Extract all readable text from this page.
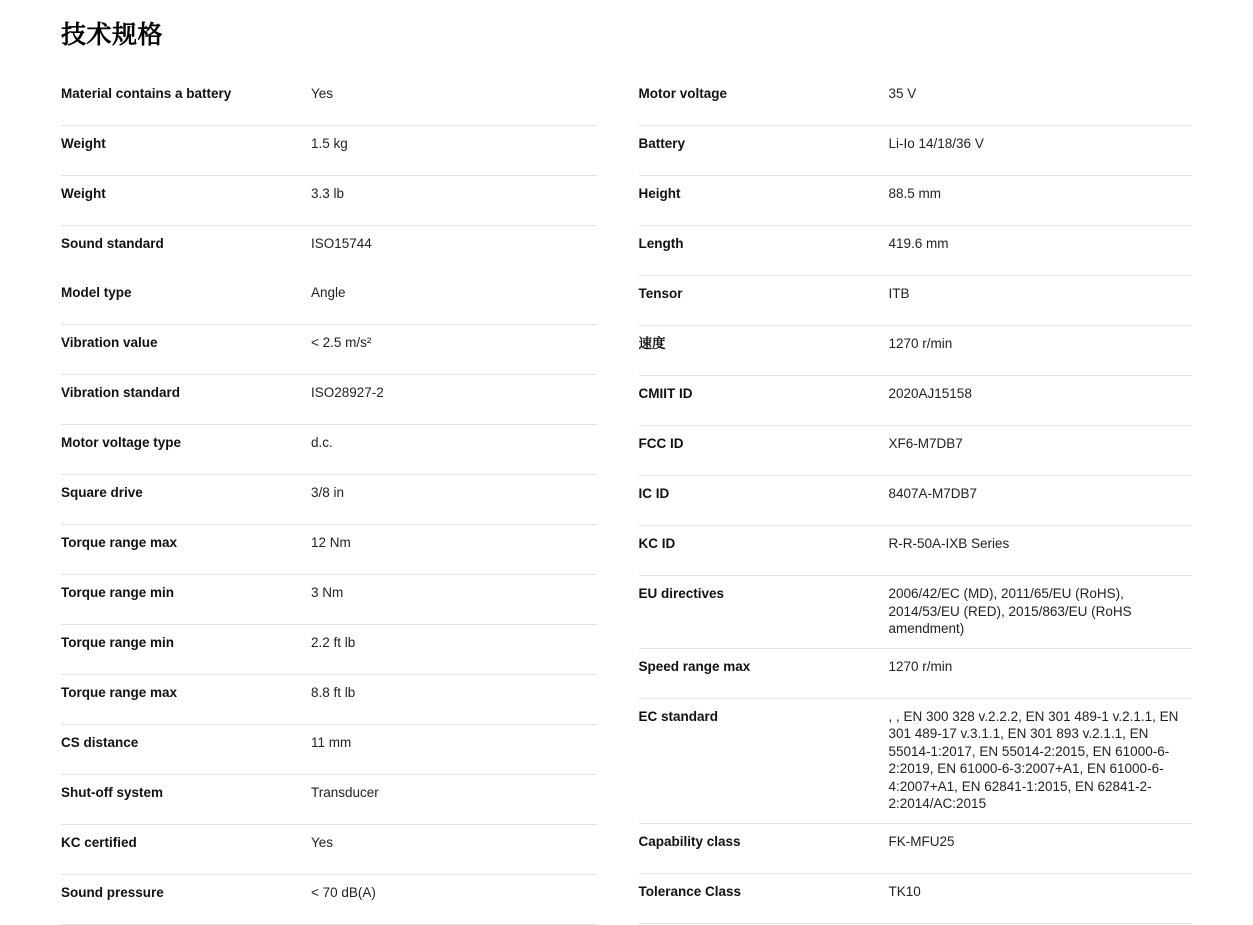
技术规格
Material contains a battery	Yes
Weight	1.5 kg
Weight	3.3 lb
Sound standard	ISO15744
Model type	Angle
Vibration value	< 2.5 m/s²
Vibration standard	ISO28927-2
Motor voltage type	d.c.
Square drive	3/8 in
Torque range max	12 Nm
Torque range min	3 Nm
Torque range min	2.2 ft lb
Torque range max	8.8 ft lb
CS distance	11 mm
Shut-off system	Transducer
KC certified	Yes
Sound pressure	< 70 dB(A)
Motor voltage	35 V
Battery	Li-Io 14/18/36 V
Height	88.5 mm
Length	419.6 mm
Tensor	ITB
速度	1270 r/min
CMIIT ID	2020AJ15158
FCC ID	XF6-M7DB7
IC ID	8407A-M7DB7
KC ID	R-R-50A-IXB Series
EU directives	2006/42/EC (MD), 2011/65/EU (RoHS), 2014/53/EU (RED), 2015/863/EU (RoHS amendment)
Speed range max	1270 r/min
EC standard	, , EN 300 328 v.2.2.2, EN 301 489-1 v.2.1.1, EN 301 489-17 v.3.1.1, EN 301 893 v.2.1.1, EN 55014-1:2017, EN 55014-2:2015, EN 61000-6-2:2019, EN 61000-6-3:2007+A1, EN 61000-6-4:2007+A1, EN 62841-1:2015, EN 62841-2-2:2014/AC:2015
Capability class	FK-MFU25
Tolerance Class	TK10
